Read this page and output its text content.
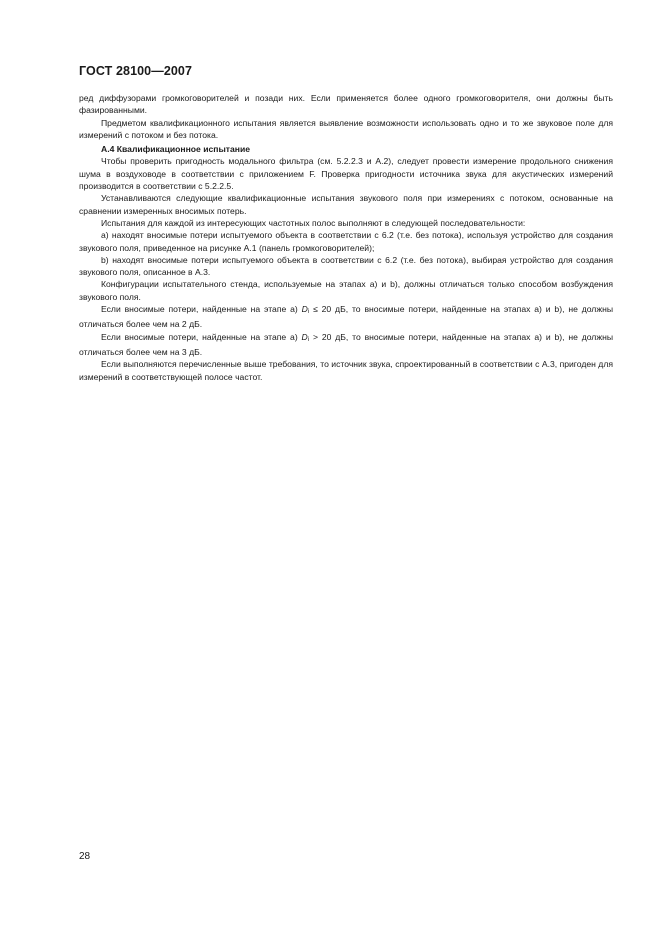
ГОСТ 28100—2007

ред диффузорами громкоговорителей и позади них. Если применяется более одного громкоговорителя, они должны быть фазированными.

Предметом квалификационного испытания является выявление возможности использовать одно и то же звуковое поле для измерений с потоком и без потока.

А.4 Квалификационное испытание

Чтобы проверить пригодность модального фильтра (см. 5.2.2.3 и А.2), следует провести измерение продольного снижения шума в воздуховоде в соответствии с приложением F. Проверка пригодности источника звука для акустических измерений производится в соответствии с 5.2.2.5.

Устанавливаются следующие квалификационные испытания звукового поля при измерениях с потоком, основанные на сравнении измеренных вносимых потерь.

Испытания для каждой из интересующих частотных полос выполняют в следующей последовательности:

а) находят вносимые потери испытуемого объекта в соответствии с 6.2 (т.е. без потока), используя устройство для создания звукового поля, приведенное на рисунке А.1 (панель громкоговорителей);

b) находят вносимые потери испытуемого объекта в соответствии с 6.2 (т.е. без потока), выбирая устройство для создания звукового поля, описанное в А.3.

Конфигурации испытательного стенда, используемые на этапах а) и b), должны отличаться только способом возбуждения звукового поля.

Если вносимые потери, найденные на этапе а) Di ≤ 20 дБ, то вносимые потери, найденные на этапах а) и b), не должны отличаться более чем на 2 дБ.

Если вносимые потери, найденные на этапе а) Di > 20 дБ, то вносимые потери, найденные на этапах а) и b), не должны отличаться более чем на 3 дБ.

Если выполняются перечисленные выше требования, то источник звука, спроектированный в соответствии с А.3, пригоден для измерений в соответствующей полосе частот.

28
